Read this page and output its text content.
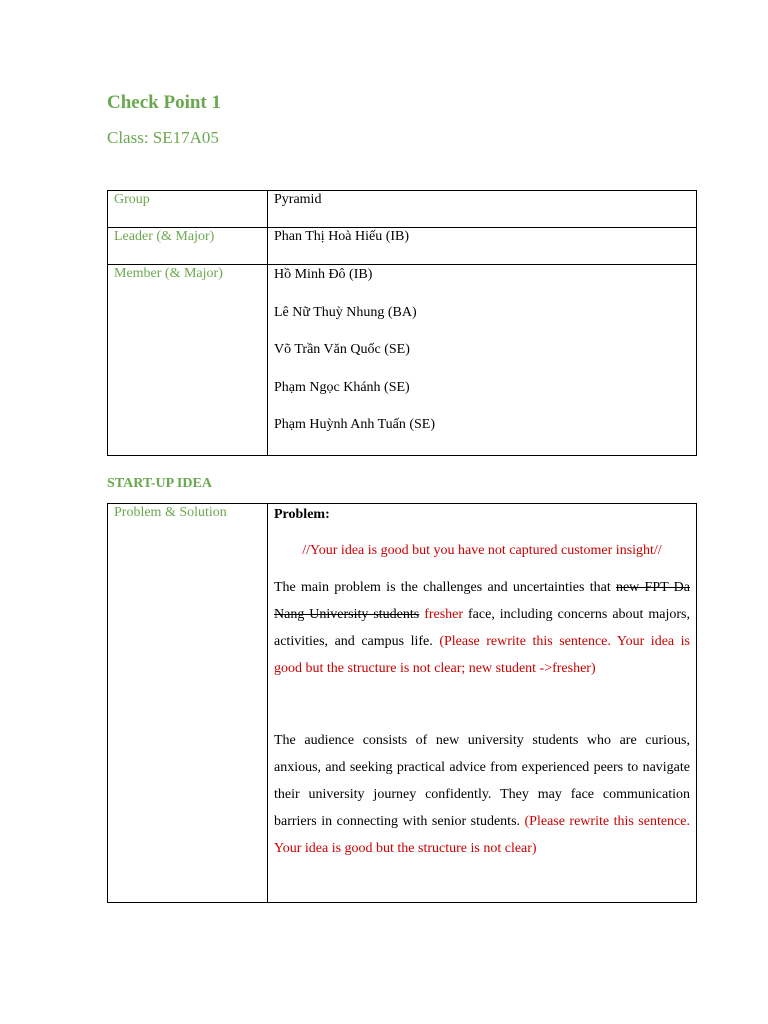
Check Point 1
Class: SE17A05
Group	Pyramid
Leader (& Major)	Phan Thị Hoà Hiếu (IB)
Member (& Major)	Hồ Minh Đô (IB)
Lê Nữ Thuỳ Nhung (BA)
Võ Trần Văn Quốc (SE)
Phạm Ngọc Khánh (SE)
Phạm Huỳnh Anh Tuấn (SE)
START-UP IDEA
Problem & Solution	Problem:
//Your idea is good but you have not captured customer insight//
The main problem is the challenges and uncertainties that new FPT Da Nang University students fresher face, including concerns about majors, activities, and campus life. (Please rewrite this sentence. Your idea is good but the structure is not clear; new student ->fresher)
The audience consists of new university students who are curious, anxious, and seeking practical advice from experienced peers to navigate their university journey confidently. They may face communication barriers in connecting with senior students. (Please rewrite this sentence. Your idea is good but the structure is not clear)
